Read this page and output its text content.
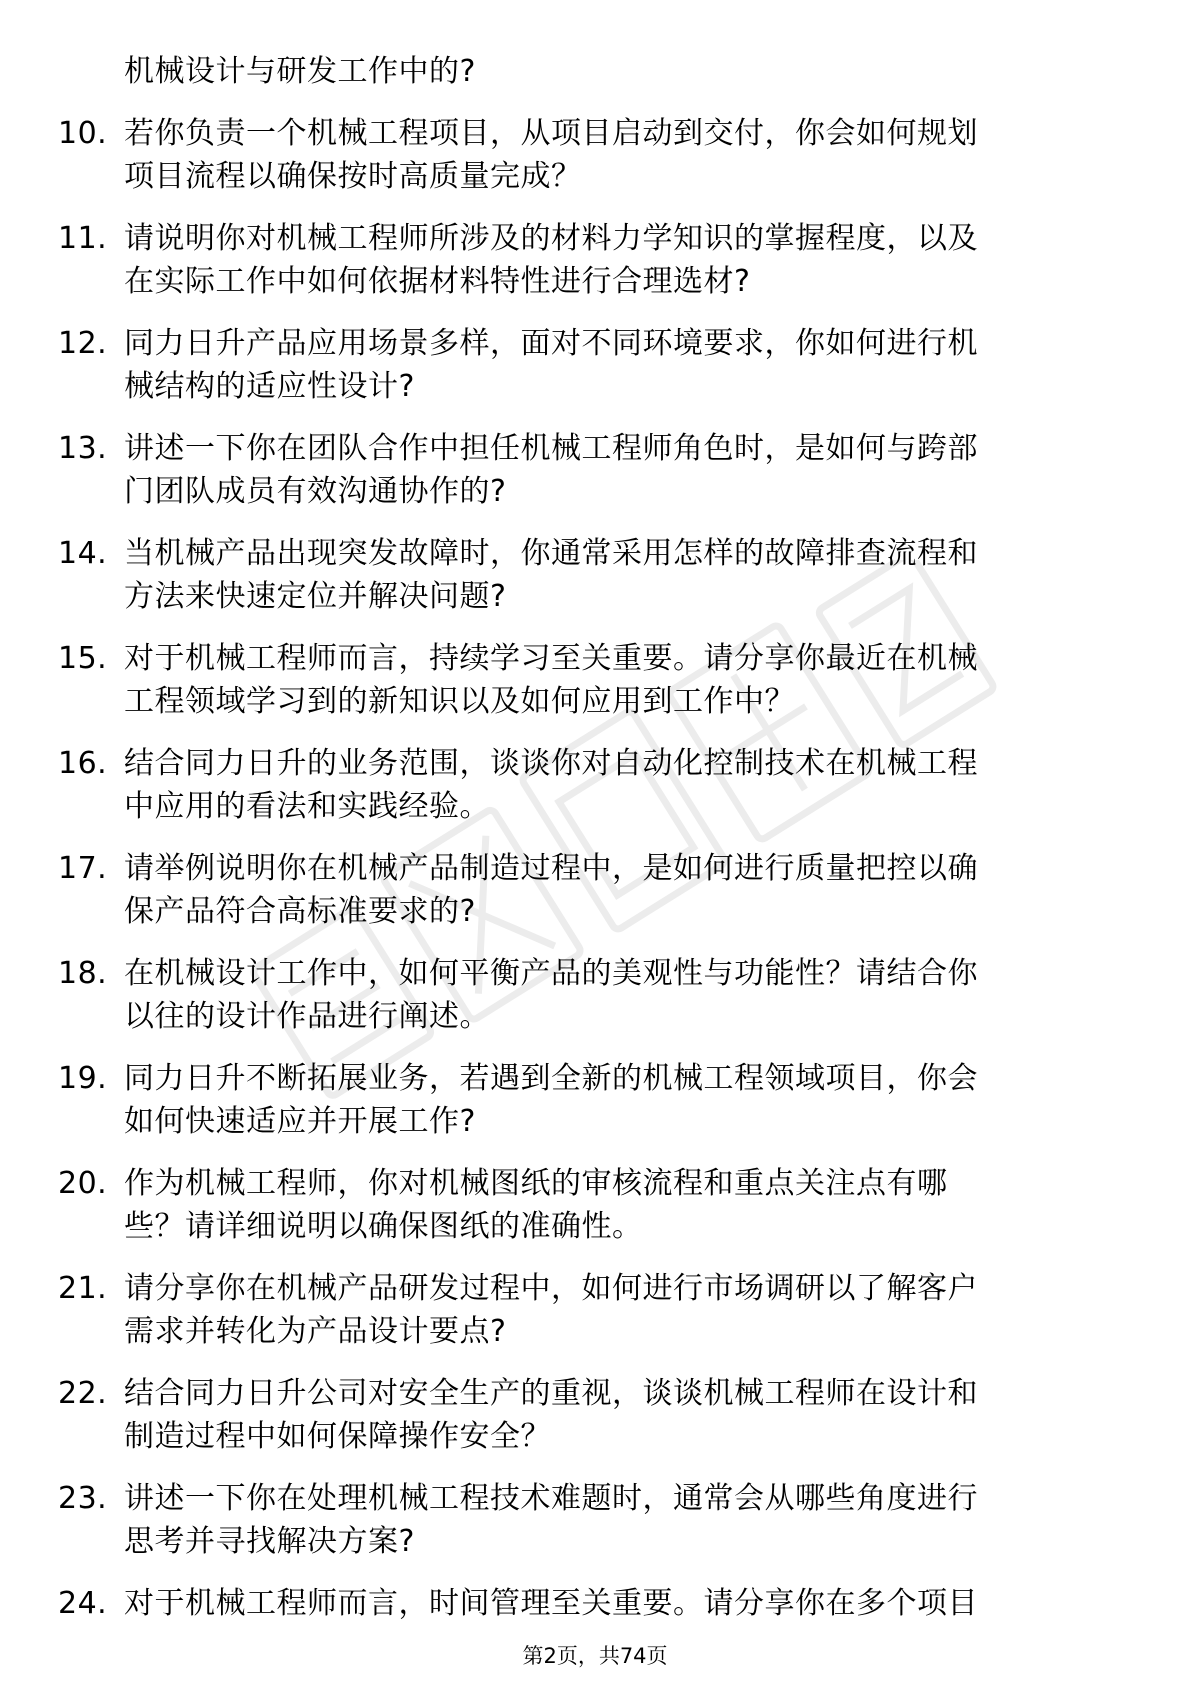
机械设计与研发工作中的?
10. 若你负责一个机械工程项目，从项目启动到交付，你会如何规划
项目流程以确保按时高质量完成？
11. 请说明你对机械工程师所涉及的材料力学知识的掌握程度，以及
在实际工作中如何依据材料特性进行合理选材?
12. 同力日升产品应用场景多样，面对不同环境要求，你如何进行机
械结构的适应性设计?
13. 讲述一下你在团队合作中担任机械工程师角色时，是如何与跨部
门团队成员有效沟通协作的?
14. 当机械产品出现突发故障时，你通常采用怎样的故障排查流程和
方法来快速定位并解决问题?
15. 对于机械工程师而言，持续学习至关重要。请分享你最近在机械
工程领域学习到的新知识以及如何应用到工作中？
16. 结合同力日升的业务范围，谈谈你对自动化控制技术在机械工程
中应用的看法和实践经验。
17. 请举例说明你在机械产品制造过程中，是如何进行质量把控以确
保产品符合高标准要求的?
18. 在机械设计工作中，如何平衡产品的美观性与功能性？请结合你
以往的设计作品进行阐述。
19. 同力日升不断拓展业务，若遇到全新的机械工程领域项目，你会
如何快速适应并开展工作?
20. 作为机械工程师，你对机械图纸的审核流程和重点关注点有哪
些？请详细说明以确保图纸的准确性。
21. 请分享你在机械产品研发过程中，如何进行市场调研以了解客户
需求并转化为产品设计要点?
22. 结合同力日升公司对安全生产的重视，谈谈机械工程师在设计和
制造过程中如何保障操作安全？
23. 讲述一下你在处理机械工程技术难题时，通常会从哪些角度进行
思考并寻找解决方案?
24. 对于机械工程师而言，时间管理至关重要。请分享你在多个项目
第2页，共74页
